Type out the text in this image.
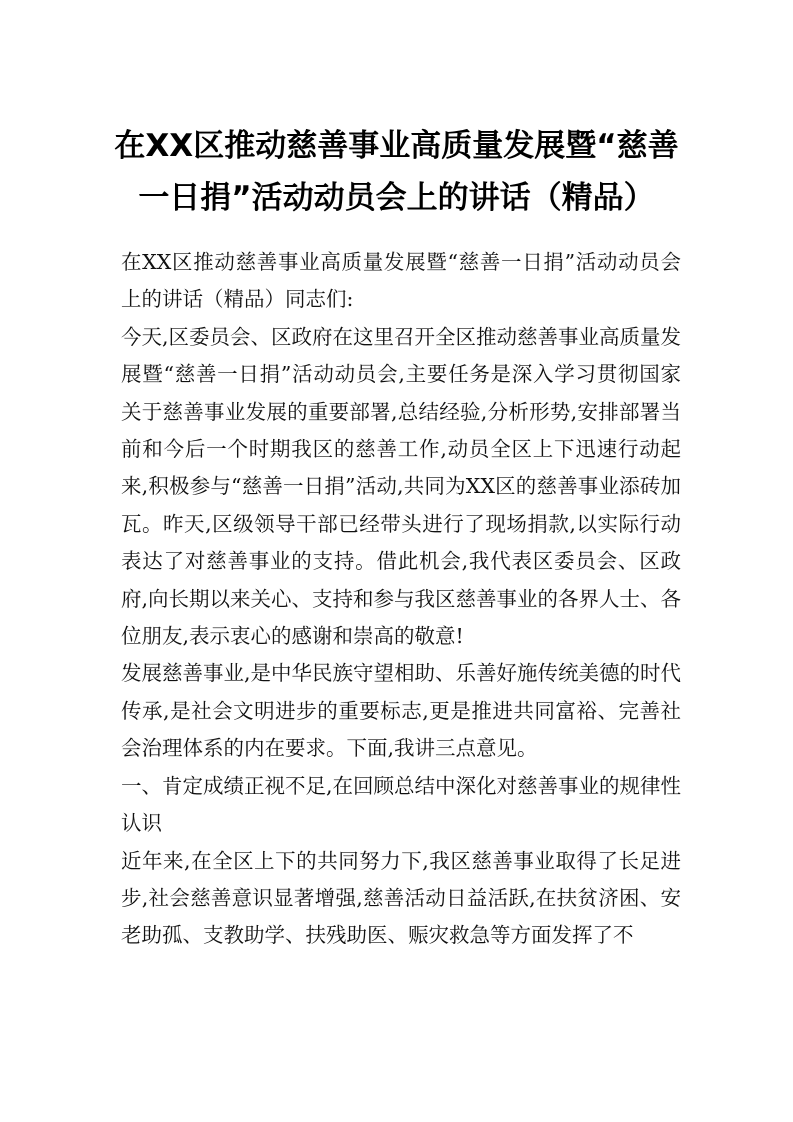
在XX区推动慈善事业高质量发展暨“慈善一日捐”活动动员会上的讲话（精品）

在XX区推动慈善事业高质量发展暨“慈善一日捐”活动动员会上的讲话（精品）同志们:

今天,区委员会、区政府在这里召开全区推动慈善事业高质量发展暨“慈善一日捐”活动动员会,主要任务是深入学习贯彻国家关于慈善事业发展的重要部署,总结经验,分析形势,安排部署当前和今后一个时期我区的慈善工作,动员全区上下迅速行动起来,积极参与“慈善一日捐”活动,共同为XX区的慈善事业添砖加瓦。昨天,区级领导干部已经带头进行了现场捐款,以实际行动表达了对慈善事业的支持。借此机会,我代表区委员会、区政府,向长期以来关心、支持和参与我区慈善事业的各界人士、各位朋友,表示衷心的感谢和崇高的敬意!

发展慈善事业,是中华民族守望相助、乐善好施传统美德的时代传承,是社会文明进步的重要标志,更是推进共同富裕、完善社会治理体系的内在要求。下面,我讲三点意见。

一、肯定成绩正视不足,在回顾总结中深化对慈善事业的规律性认识

近年来,在全区上下的共同努力下,我区慈善事业取得了长足进步,社会慈善意识显著增强,慈善活动日益活跃,在扶贫济困、安老助孤、支教助学、扶残助医、赈灾救急等方面发挥了不
